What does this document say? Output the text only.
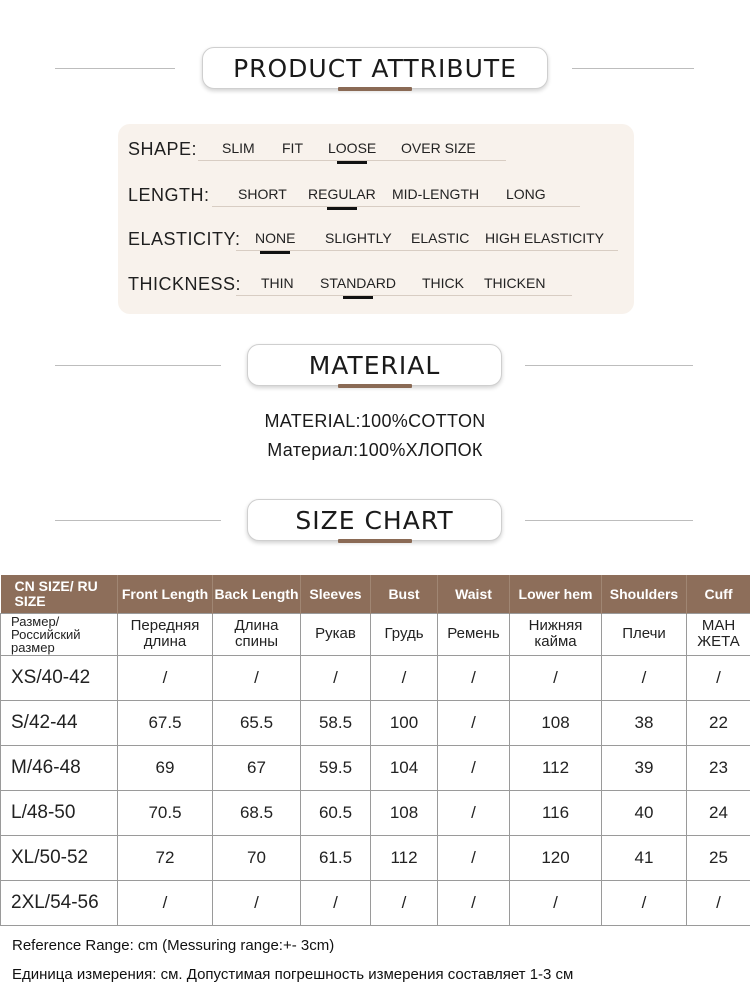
PRODUCT ATTRIBUTE
SHAPE: SLIM FIT LOOSE OVER SIZE
LENGTH: SHORT REGULAR MID-LENGTH LONG
ELASTICITY: NONE SLIGHTLY ELASTIC HIGH ELASTICITY
THICKNESS: THIN STANDARD THICK THICKEN
MATERIAL
MATERIAL:100%COTTON
Материал:100%ХЛОПОК
SIZE CHART
CN SIZE/ RU SIZE	Front Length	Back Length	Sleeves	Bust	Waist	Lower hem	Shoulders	Cuff
Размер/ Российский размер	Передняя длина	Длина спины	Рукав	Грудь	Ремень	Нижняя кайма	Плечи	МАН ЖЕТА
XS/40-42	/	/	/	/	/	/	/	/
S/42-44	67.5	65.5	58.5	100	/	108	38	22
M/46-48	69	67	59.5	104	/	112	39	23
L/48-50	70.5	68.5	60.5	108	/	116	40	24
XL/50-52	72	70	61.5	112	/	120	41	25
2XL/54-56	/	/	/	/	/	/	/	/
Reference Range: cm (Messuring range:+- 3cm)
Единица измерения: см. Допустимая погрешность измерения составляет 1-3 см
